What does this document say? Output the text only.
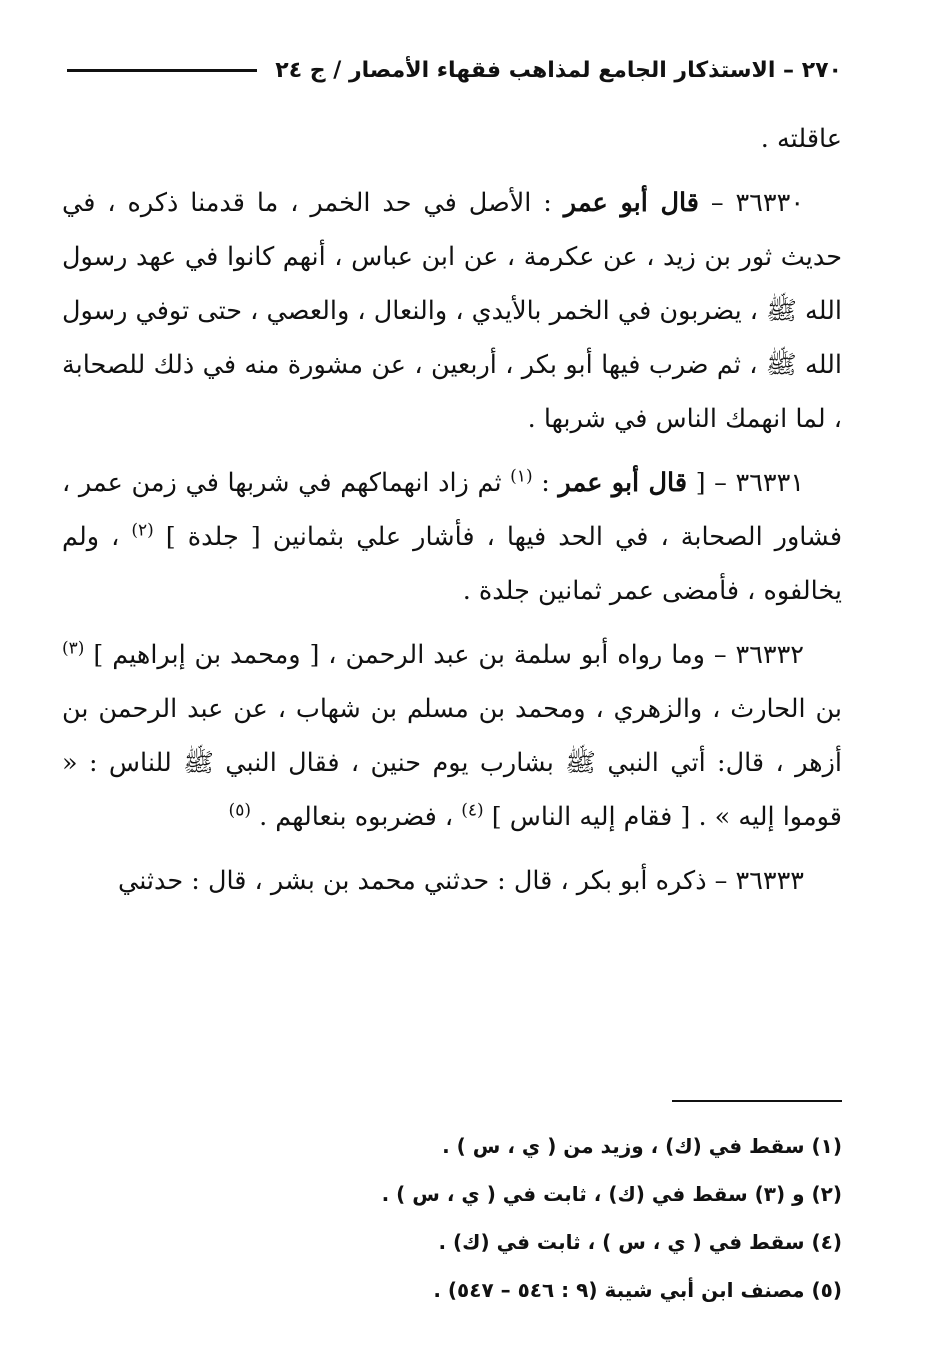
٢٧٠ – الاستذكار الجامع لمذاهب فقهاء الأمصار / ج ٢٤

عاقلته .

٣٦٣٣٠ – قال أبو عمر : الأصل في حد الخمر ، ما قدمنا ذكره ، في حديث ثور بن زيد ، عن عكرمة ، عن ابن عباس ، أنهم كانوا في عهد رسول الله ﷺ ، يضربون في الخمر بالأيدي ، والنعال ، والعصي ، حتى توفي رسول الله ﷺ ، ثم ضرب فيها أبو بكر ، أربعين ، عن مشورة منه في ذلك للصحابة ، لما انهمك الناس في شربها .

٣٦٣٣١ – [ قال أبو عمر : $^{(١)}$ ثم زاد انهماكهم في شربها في زمن عمر ، فشاور الصحابة ، في الحد فيها ، فأشار علي بثمانين [ جلدة ] $^{(٢)}$ ، ولم يخالفوه ، فأمضى عمر ثمانين جلدة .

٣٦٣٣٢ – وما رواه أبو سلمة بن عبد الرحمن ، [ ومحمد بن إبراهيم ] $^{(٣)}$ بن الحارث ، والزهري ، ومحمد بن مسلم بن شهاب ، عن عبد الرحمن بن أزهر ، قال: أتي النبي ﷺ بشارب يوم حنين ، فقال النبي ﷺ للناس : « قوموا إليه » . [ فقام إليه الناس ] $^{(٤)}$ ، فضربوه بنعالهم . $^{(٥)}$

٣٦٣٣٣ – ذكره أبو بكر ، قال : حدثني محمد بن بشر ، قال : حدثني

(١) سقط في (ك) ، وزيد من ( ي ، س ) .

(٢) و (٣) سقط في (ك) ، ثابت في ( ي ، س ) .

(٤) سقط في ( ي ، س ) ، ثابت في (ك) .

(٥) مصنف ابن أبي شيبة (٩ : ٥٤٦ – ٥٤٧) .
